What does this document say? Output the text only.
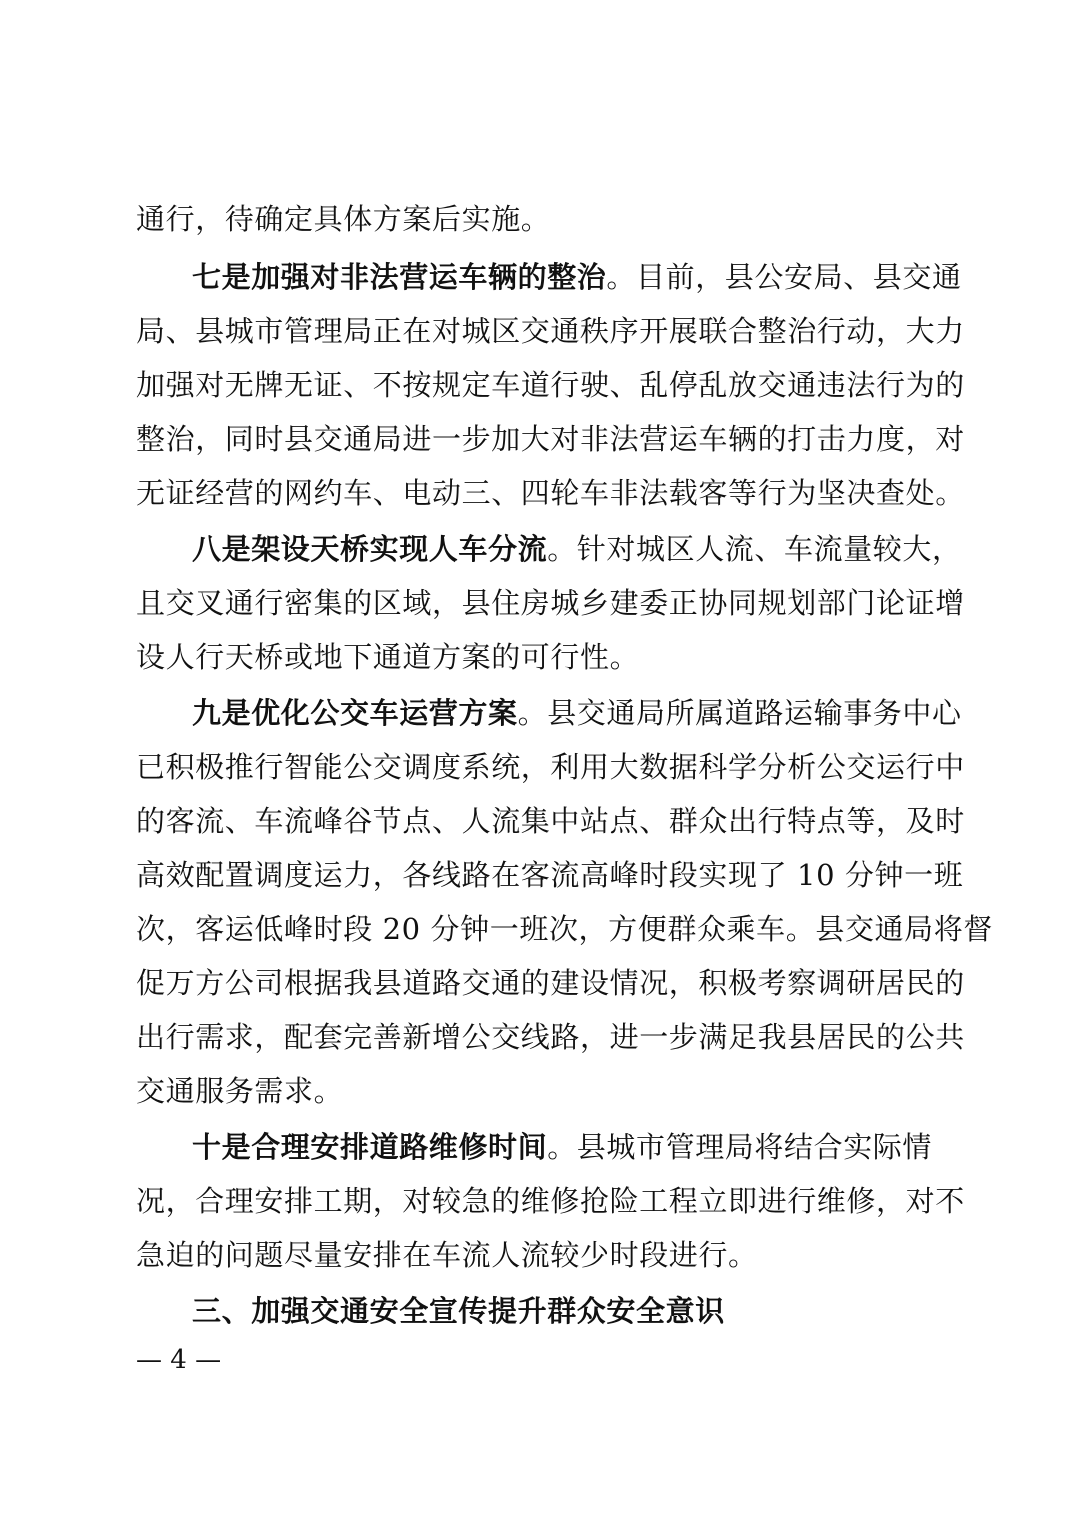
通行，待确定具体方案后实施。
七是加强对非法营运车辆的整治。目前，县公安局、县交通
局、县城市管理局正在对城区交通秩序开展联合整治行动，大力
加强对无牌无证、不按规定车道行驶、乱停乱放交通违法行为的
整治，同时县交通局进一步加大对非法营运车辆的打击力度，对
无证经营的网约车、电动三、四轮车非法载客等行为坚决查处。
八是架设天桥实现人车分流。针对城区人流、车流量较大，
且交叉通行密集的区域，县住房城乡建委正协同规划部门论证增
设人行天桥或地下通道方案的可行性。
九是优化公交车运营方案。县交通局所属道路运输事务中心
已积极推行智能公交调度系统，利用大数据科学分析公交运行中
的客流、车流峰谷节点、人流集中站点、群众出行特点等，及时
高效配置调度运力，各线路在客流高峰时段实现了 10 分钟一班
次，客运低峰时段 20 分钟一班次，方便群众乘车。县交通局将督
促万方公司根据我县道路交通的建设情况，积极考察调研居民的
出行需求，配套完善新增公交线路，进一步满足我县居民的公共
交通服务需求。
十是合理安排道路维修时间。县城市管理局将结合实际情
况，合理安排工期，对较急的维修抢险工程立即进行维修，对不
急迫的问题尽量安排在车流人流较少时段进行。
三、加强交通安全宣传提升群众安全意识
— 4 —
